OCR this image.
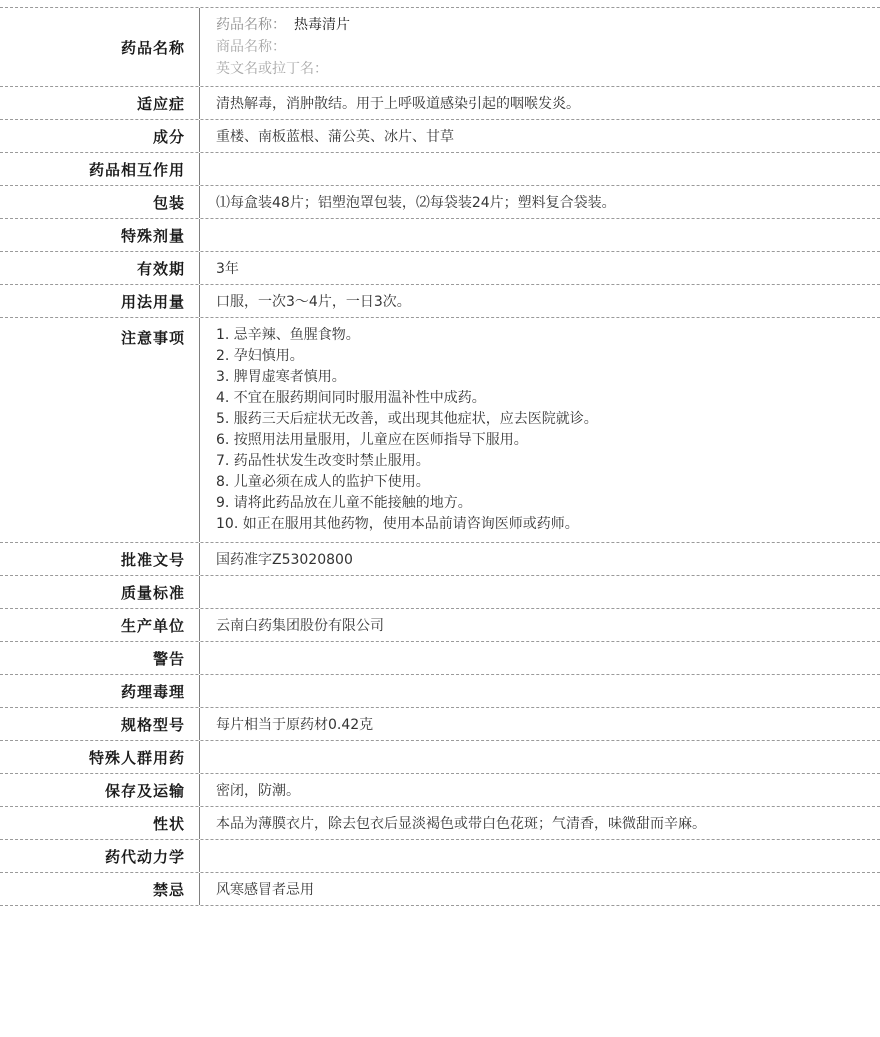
药品名称
药品名称： 热毒清片
商品名称：
英文名或拉丁名：
适应症	清热解毒，消肿散结。用于上呼吸道感染引起的咽喉发炎。
成分	重楼、南板蓝根、蒲公英、冰片、甘草
药品相互作用
包装	⑴每盒装48片；铝塑泡罩包装，⑵每袋装24片；塑料复合袋装。
特殊剂量
有效期	3年
用法用量	口服，一次3～4片，一日3次。
注意事项	1. 忌辛辣、鱼腥食物。
2. 孕妇慎用。
3. 脾胃虚寒者慎用。
4. 不宜在服药期间同时服用温补性中成药。
5. 服药三天后症状无改善，或出现其他症状，应去医院就诊。
6. 按照用法用量服用，儿童应在医师指导下服用。
7. 药品性状发生改变时禁止服用。
8. 儿童必须在成人的监护下使用。
9. 请将此药品放在儿童不能接触的地方。
10. 如正在服用其他药物，使用本品前请咨询医师或药师。
批准文号	国药准字Z53020800
质量标准
生产单位	云南白药集团股份有限公司
警告
药理毒理
规格型号	每片相当于原药材0.42克
特殊人群用药
保存及运输	密闭，防潮。
性状	本品为薄膜衣片，除去包衣后显淡褐色或带白色花斑；气清香，味微甜而辛麻。
药代动力学
禁忌	风寒感冒者忌用
